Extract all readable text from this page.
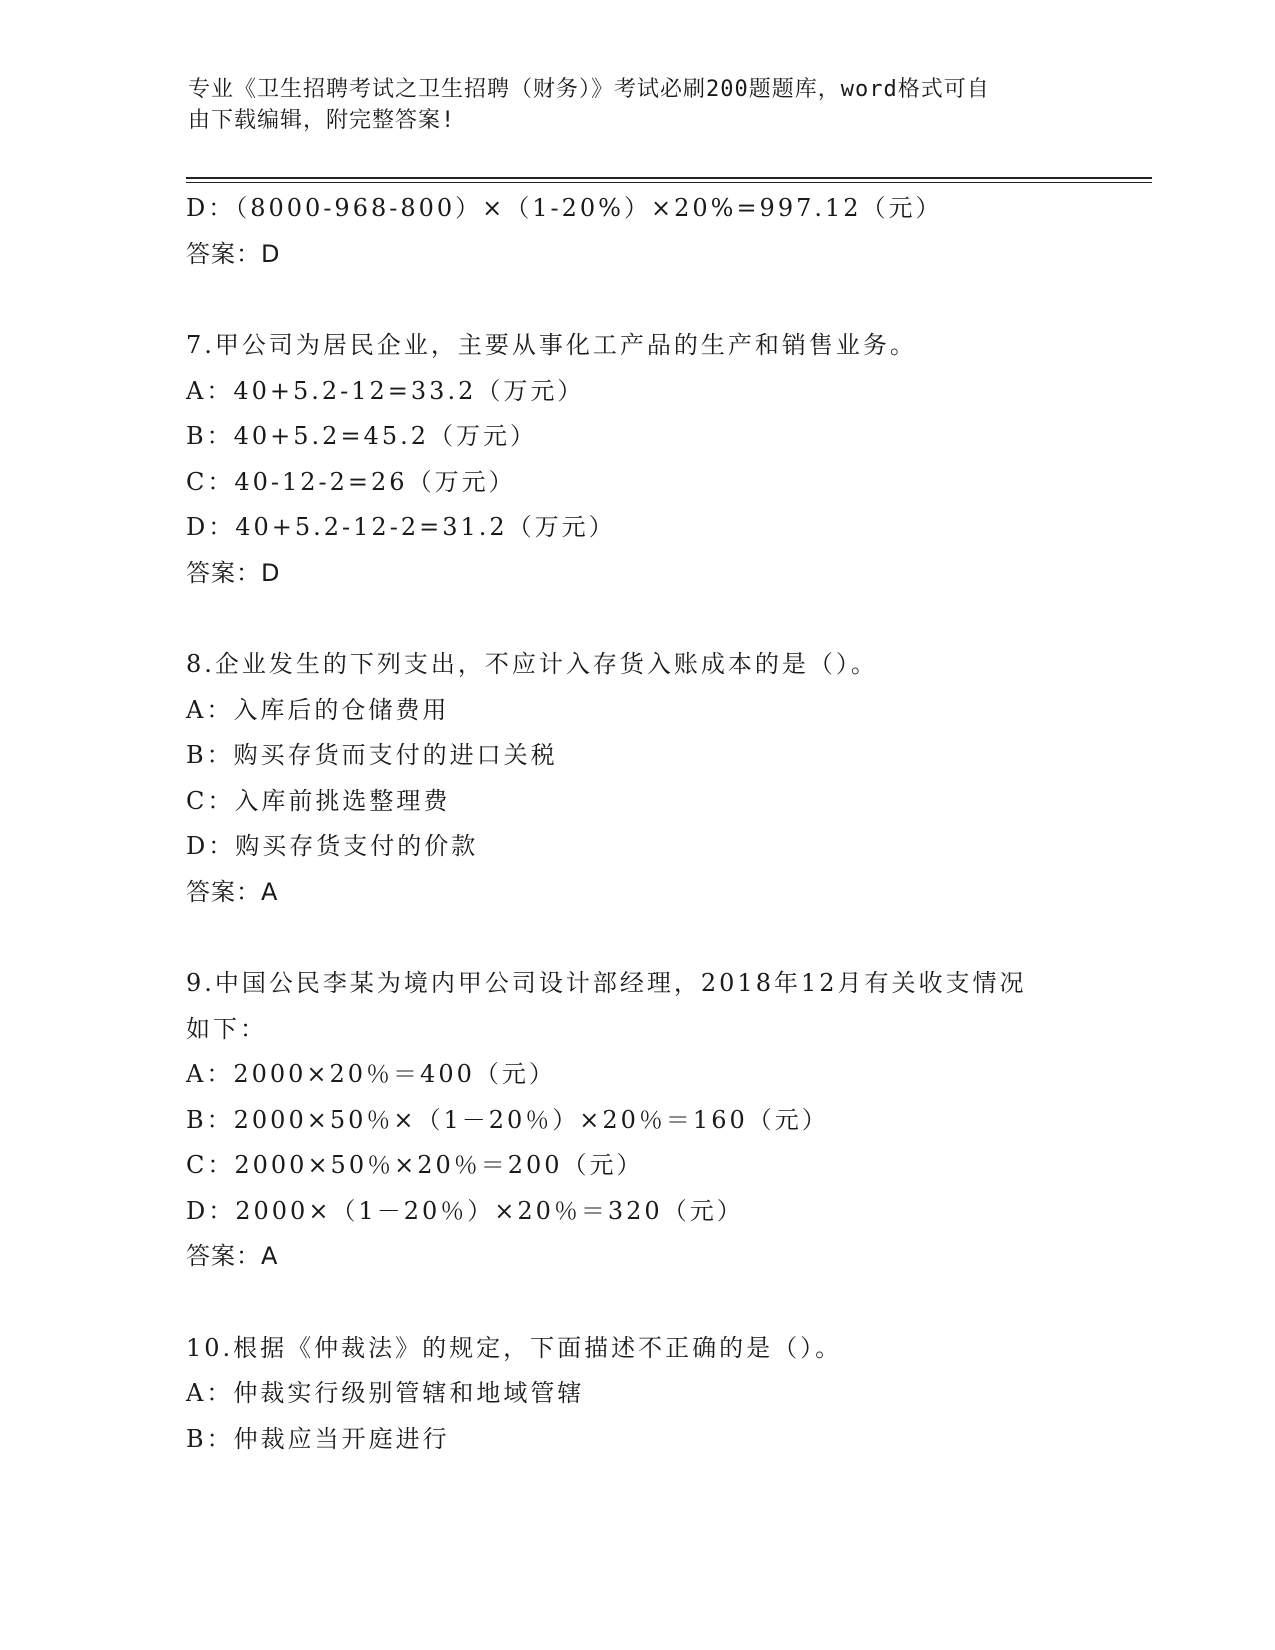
专业《卫生招聘考试之卫生招聘（财务）》考试必刷200题题库，word格式可自
由下载编辑，附完整答案!
D：（8000-968-800）×（1-20%）×20%=997.12（元）
答案：D
7.甲公司为居民企业，主要从事化工产品的生产和销售业务。
A：40+5.2-12=33.2（万元）
B：40+5.2=45.2（万元）
C：40-12-2=26（万元）
D：40+5.2-12-2=31.2（万元）
答案：D
8.企业发生的下列支出，不应计入存货入账成本的是（）。
A：入库后的仓储费用
B：购买存货而支付的进口关税
C：入库前挑选整理费
D：购买存货支付的价款
答案：A
9.中国公民李某为境内甲公司设计部经理，2018年12月有关收支情况
如下：
A：2000×20％＝400（元）
B：2000×50％×（1－20％）×20％＝160（元）
C：2000×50％×20％＝200（元）
D：2000×（1－20％）×20％＝320（元）
答案：A
10.根据《仲裁法》的规定，下面描述不正确的是（）。
A：仲裁实行级别管辖和地域管辖
B：仲裁应当开庭进行
